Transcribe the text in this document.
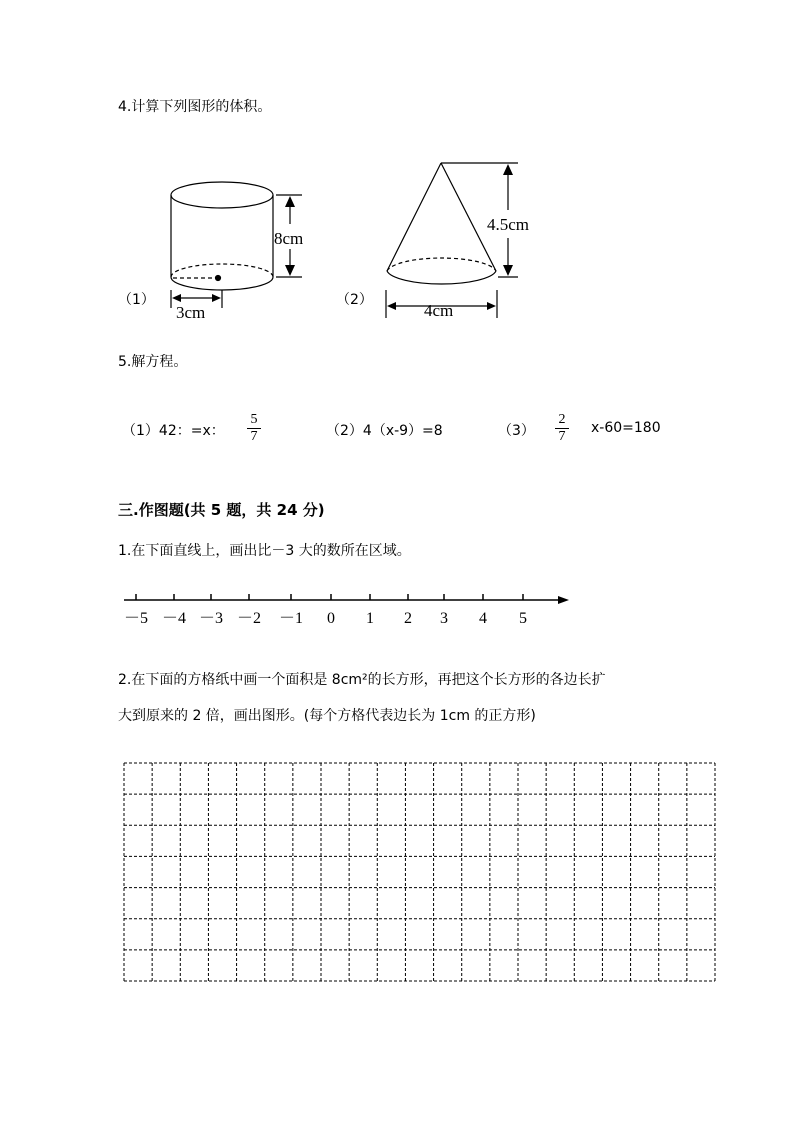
4.计算下列图形的体积。
8cm
3cm
4.5cm
4cm
－5 －4 －3 －2 －1 0 1 2 3 4 5
（1）	（2）
5.解方程。
（1）42：=x：
5
7	（2）4（x-9）=8	（3）
2
7
x-60=180
三.作图题(共 5 题，共 24 分)
1.在下面直线上，画出比－3 大的数所在区域。
2.在下面的方格纸中画一个面积是 8cm²的长方形，再把这个长方形的各边长扩
大到原来的 2 倍，画出图形。(每个方格代表边长为 1cm 的正方形)
